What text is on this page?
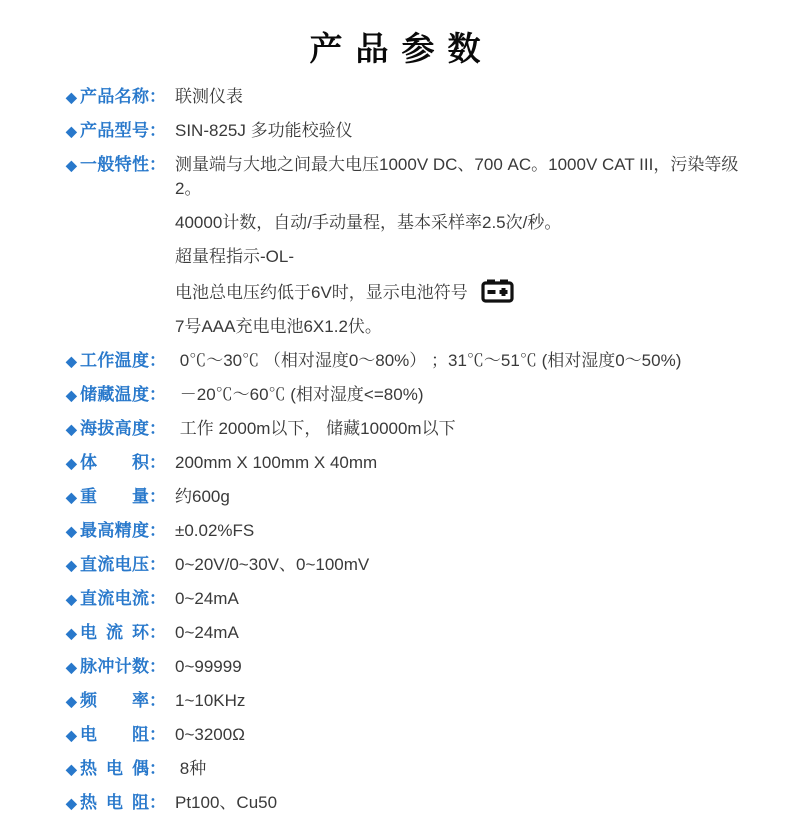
产品参数
◆ 产品名称： 联测仪表
◆ 产品型号： SIN-825J 多功能校验仪
◆ 一般特性： 测量端与大地之间最大电压1000V DC、700 AC。1000V CAT III，污染等级2。
40000计数，自动/手动量程，基本采样率2.5次/秒。
超量程指示-OL-
电池总电压约低于6V时，显示电池符号
7号AAA充电电池6X1.2伏。
◆ 工作温度： 0℃～30℃ （相对湿度0～80%） ；31℃～51℃ (相对湿度0～50%)
◆ 储藏温度： －20℃～60℃ (相对湿度<=80%)
◆ 海拔高度： 工作 2000m以下， 储藏10000m以下
◆ 体积： 200mm X 100mm X 40mm
◆ 重量： 约600g
◆ 最高精度： ±0.02%FS
◆ 直流电压： 0~20V/0~30V、0~100mV
◆ 直流电流： 0~24mA
◆ 电流环： 0~24mA
◆ 脉冲计数： 0~99999
◆ 频率： 1~10KHz
◆ 电阻： 0~3200Ω
◆ 热电偶： 8种
◆ 热电阻： Pt100、Cu50
